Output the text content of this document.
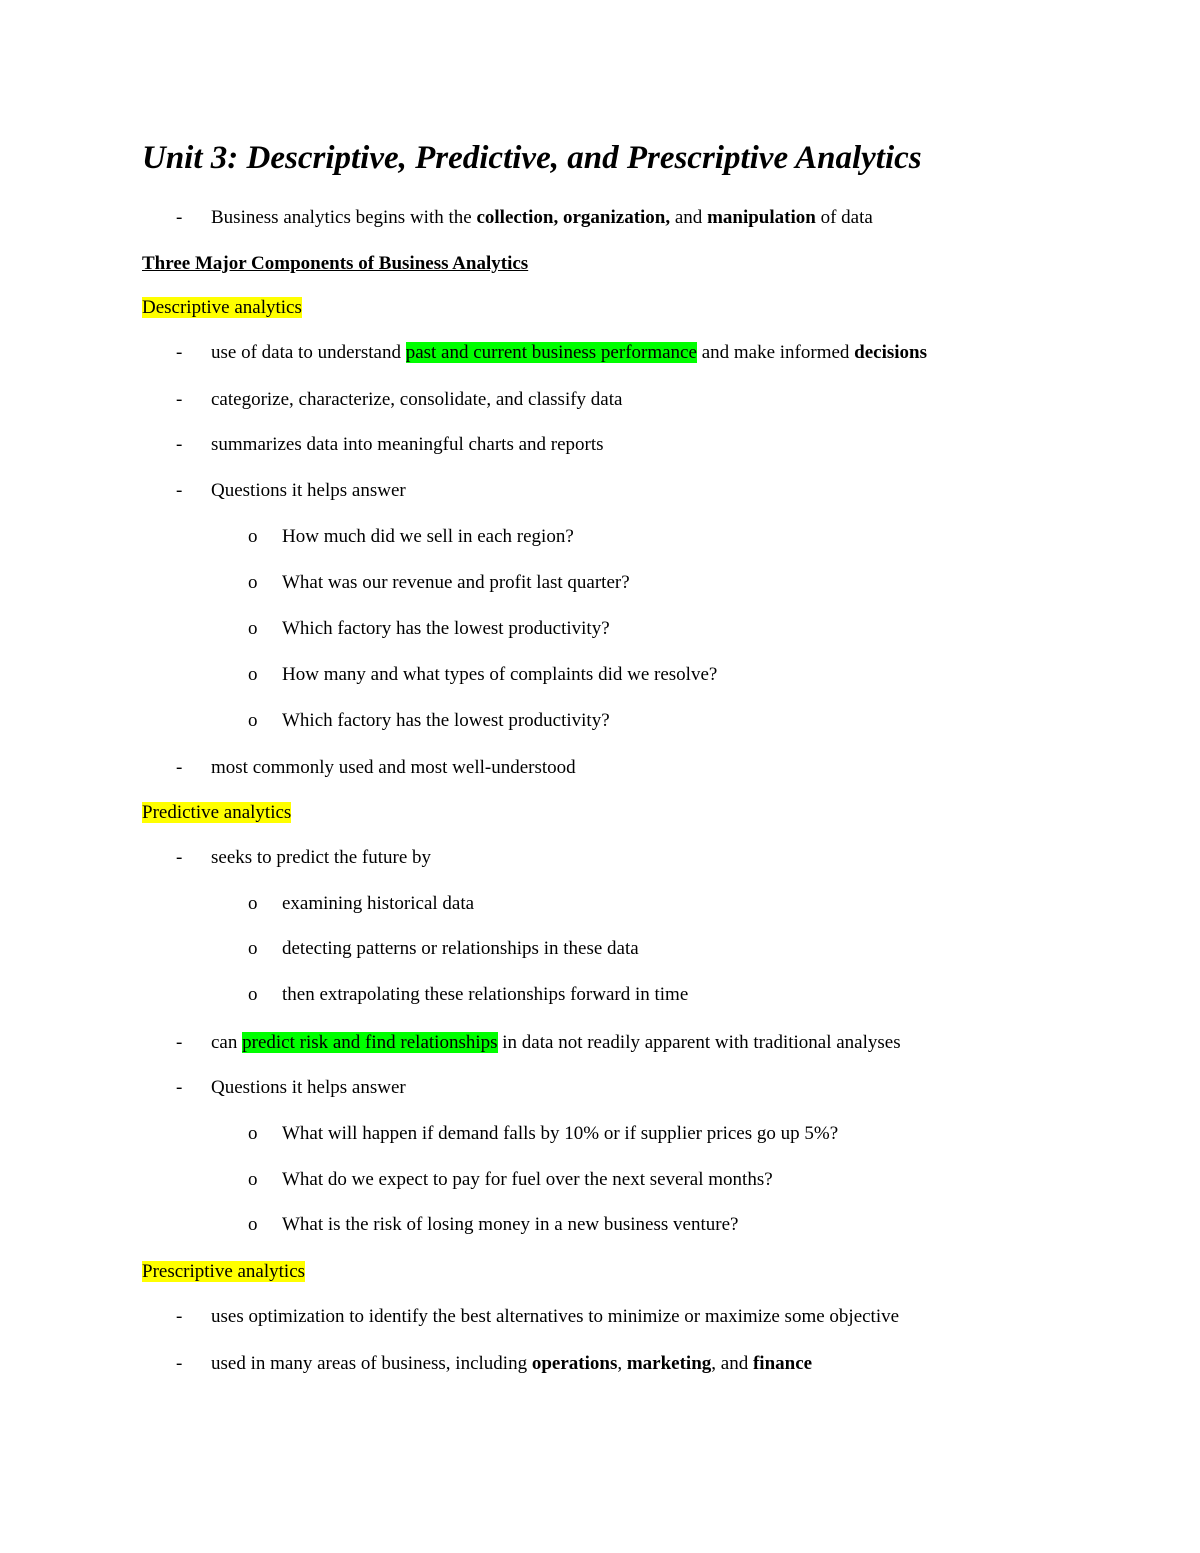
Unit 3: Descriptive, Predictive, and Prescriptive Analytics
-	Business analytics begins with the collection, organization, and manipulation of data
Three Major Components of Business Analytics
Descriptive analytics
-	use of data to understand past and current business performance and make informed decisions
-	categorize, characterize, consolidate, and classify data
-	summarizes data into meaningful charts and reports
-	Questions it helps answer
o How much did we sell in each region?
o What was our revenue and profit last quarter?
o Which factory has the lowest productivity?
o How many and what types of complaints did we resolve?
o Which factory has the lowest productivity?
-	most commonly used and most well-understood
Predictive analytics
-	seeks to predict the future by
o examining historical data
o detecting patterns or relationships in these data
o then extrapolating these relationships forward in time
-	can predict risk and find relationships in data not readily apparent with traditional analyses
-	Questions it helps answer
o What will happen if demand falls by 10% or if supplier prices go up 5%?
o What do we expect to pay for fuel over the next several months?
o What is the risk of losing money in a new business venture?
Prescriptive analytics
-	uses optimization to identify the best alternatives to minimize or maximize some objective
-	used in many areas of business, including operations, marketing, and finance
